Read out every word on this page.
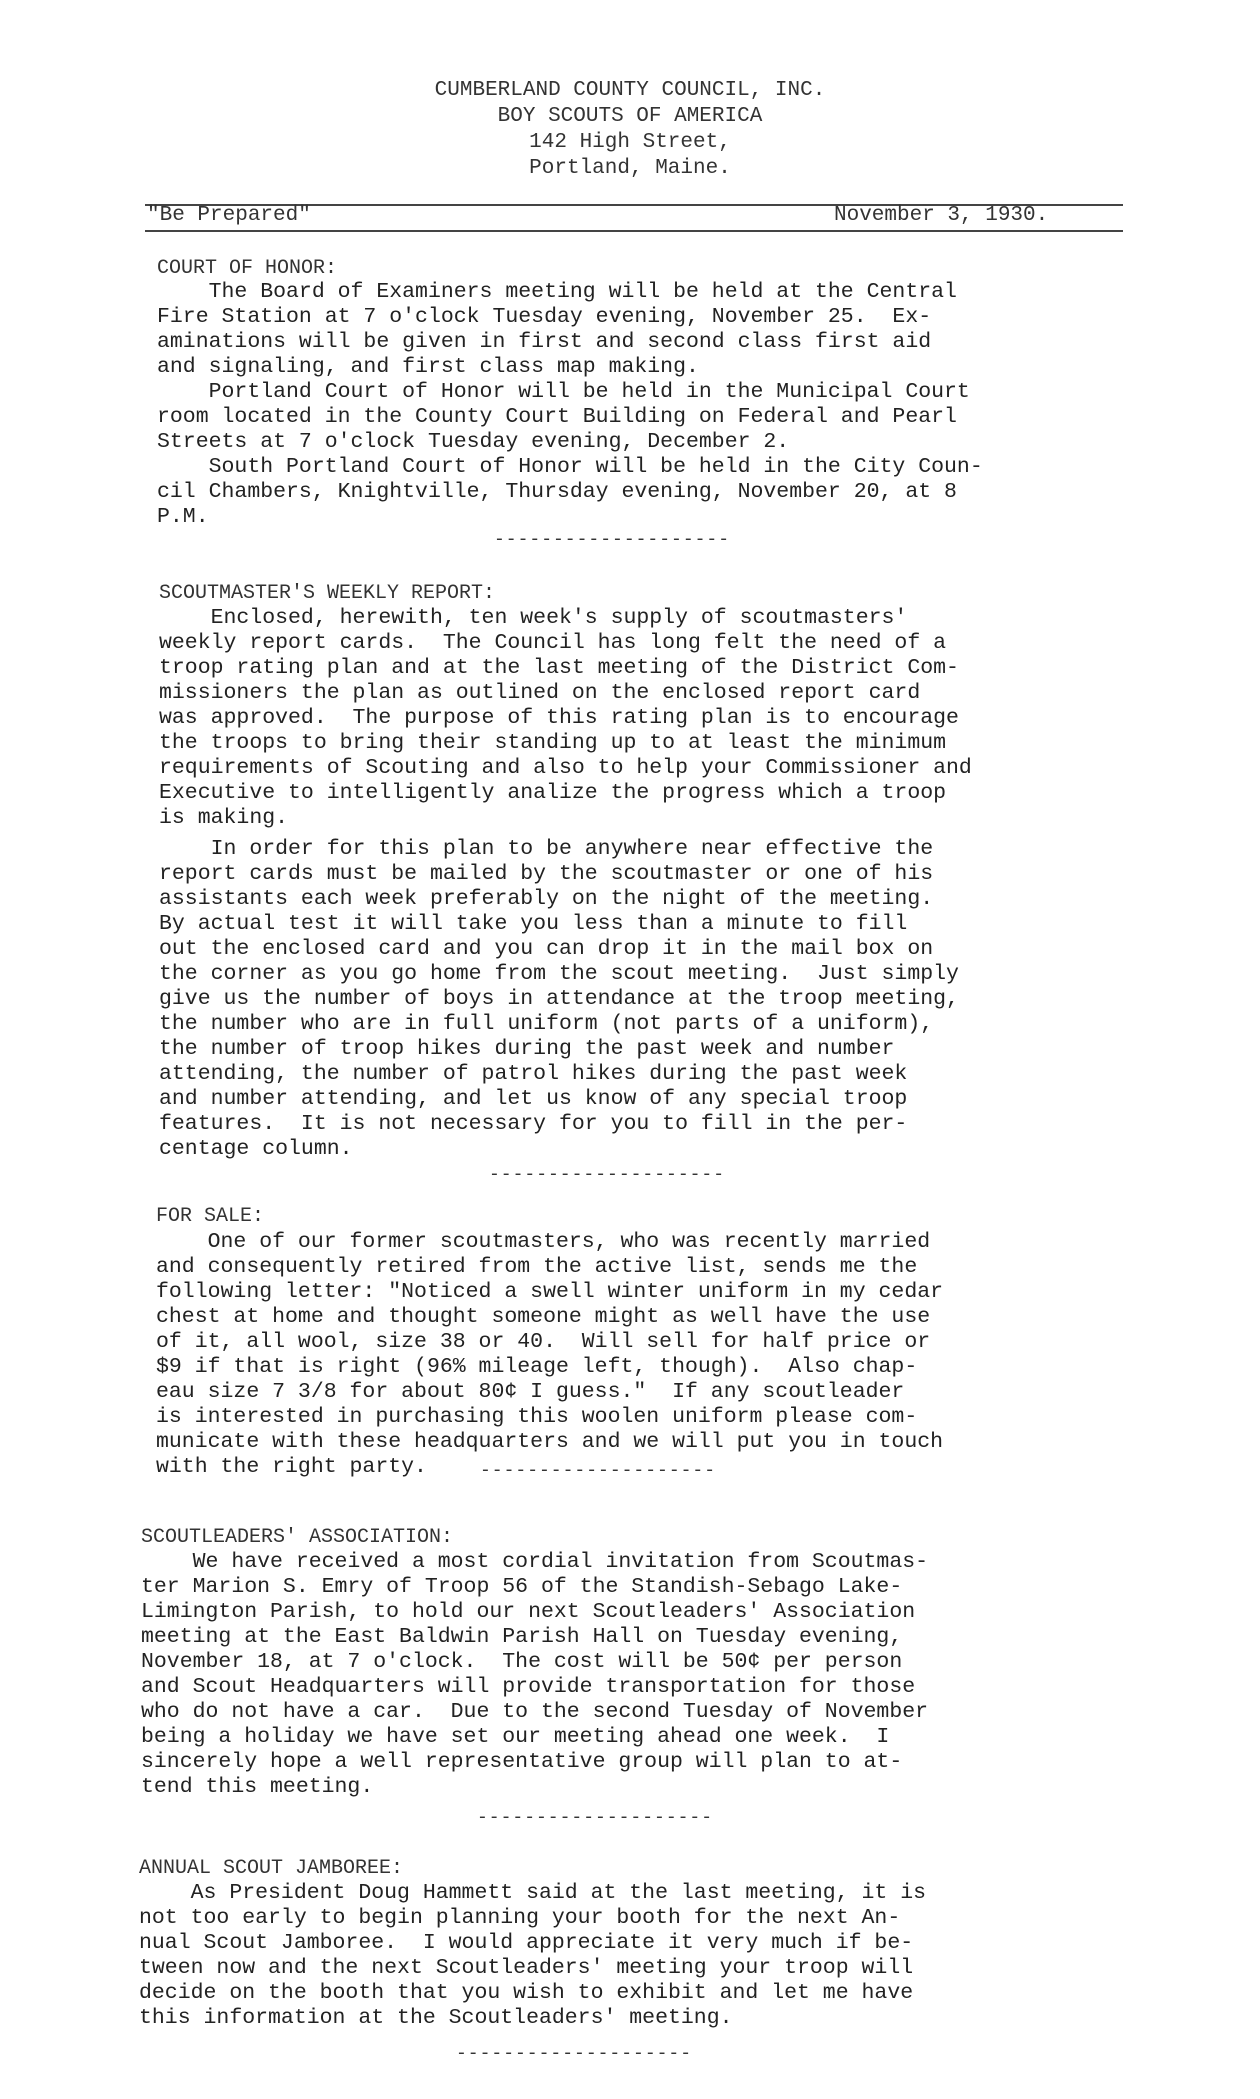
CUMBERLAND COUNTY COUNCIL, INC.
BOY SCOUTS OF AMERICA
142 High Street,
Portland, Maine.
"Be Prepared"	November 3, 1930.
COURT OF HONOR:
The Board of Examiners meeting will be held at the Central
Fire Station at 7 o'clock Tuesday evening, November 25.  Ex-
aminations will be given in first and second class first aid
and signaling, and first class map making.
Portland Court of Honor will be held in the Municipal Court
room located in the County Court Building on Federal and Pearl
Streets at 7 o'clock Tuesday evening, December 2.
South Portland Court of Honor will be held in the City Coun-
cil Chambers, Knightville, Thursday evening, November 20, at 8
P.M.
--------------------
SCOUTMASTER'S WEEKLY REPORT:
Enclosed, herewith, ten week's supply of scoutmasters'
weekly report cards.  The Council has long felt the need of a
troop rating plan and at the last meeting of the District Com-
missioners the plan as outlined on the enclosed report card
was approved.  The purpose of this rating plan is to encourage
the troops to bring their standing up to at least the minimum
requirements of Scouting and also to help your Commissioner and
Executive to intelligently analize the progress which a troop
is making.
In order for this plan to be anywhere near effective the
report cards must be mailed by the scoutmaster or one of his
assistants each week preferably on the night of the meeting.
By actual test it will take you less than a minute to fill
out the enclosed card and you can drop it in the mail box on
the corner as you go home from the scout meeting.  Just simply
give us the number of boys in attendance at the troop meeting,
the number who are in full uniform (not parts of a uniform),
the number of troop hikes during the past week and number
attending, the number of patrol hikes during the past week
and number attending, and let us know of any special troop
features.  It is not necessary for you to fill in the per-
centage column.
--------------------
FOR SALE:
One of our former scoutmasters, who was recently married
and consequently retired from the active list, sends me the
following letter: "Noticed a swell winter uniform in my cedar
chest at home and thought someone might as well have the use
of it, all wool, size 38 or 40.  Will sell for half price or
$9 if that is right (96% mileage left, though).  Also chap-
eau size 7 3/8 for about 80¢ I guess."  If any scoutleader
is interested in purchasing this woolen uniform please com-
municate with these headquarters and we will put you in touch
with the right party.	--------------------
SCOUTLEADERS' ASSOCIATION:
We have received a most cordial invitation from Scoutmas-
ter Marion S. Emry of Troop 56 of the Standish-Sebago Lake-
Limington Parish, to hold our next Scoutleaders' Association
meeting at the East Baldwin Parish Hall on Tuesday evening,
November 18, at 7 o'clock.  The cost will be 50¢ per person
and Scout Headquarters will provide transportation for those
who do not have a car.  Due to the second Tuesday of November
being a holiday we have set our meeting ahead one week.  I
sincerely hope a well representative group will plan to at-
tend this meeting.
--------------------
ANNUAL SCOUT JAMBOREE:
As President Doug Hammett said at the last meeting, it is
not too early to begin planning your booth for the next An-
nual Scout Jamboree.  I would appreciate it very much if be-
tween now and the next Scoutleaders' meeting your troop will
decide on the booth that you wish to exhibit and let me have
this information at the Scoutleaders' meeting.
--------------------
